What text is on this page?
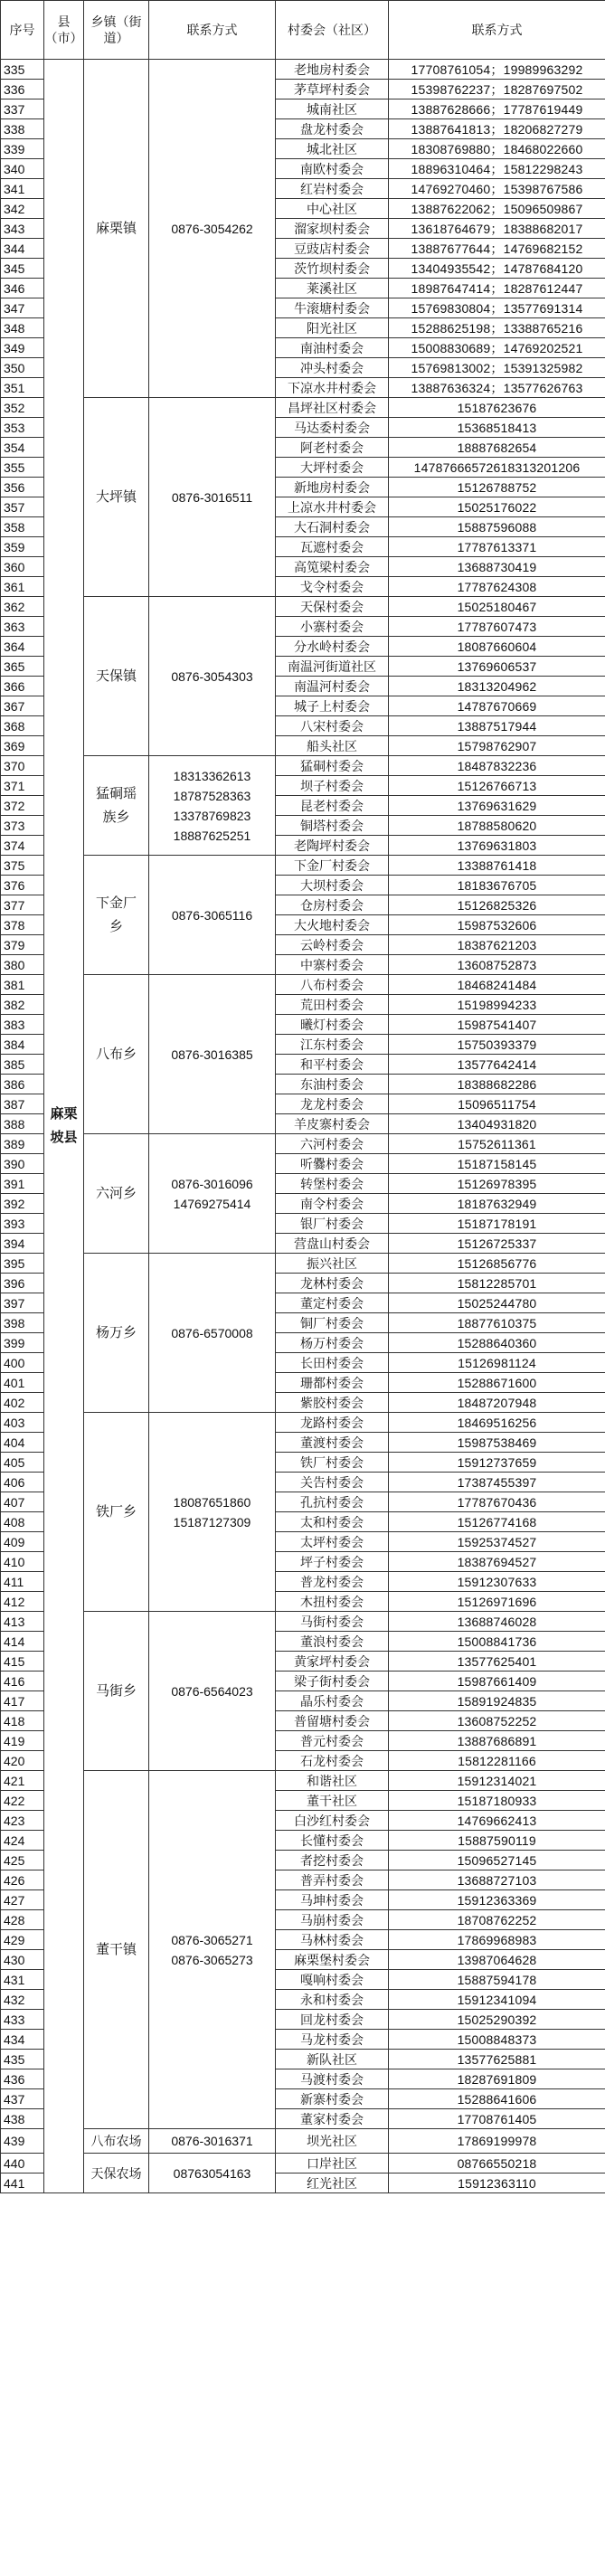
序号	县（市）	乡镇（街道）	联系方式	村委会（社区）	联系方式
335	麻栗坡县	麻栗镇	0876-3054262	老地房村委会	17708761054；19989963292
336				茅草坪村委会	15398762237；18287697502
337				城南社区	13887628666；17787619449
338				盘龙村委会	13887641813；18206827279
339				城北社区	18308769880；18468022660
340				南欧村委会	18896310464；15812298243
341				红岩村委会	14769270460；15398767586
342				中心社区	13887622062；15096509867
343				溜家坝村委会	13618764679；18388682017
344				豆豉店村委会	13887677644；14769682152
345				茨竹坝村委会	13404935542；14787684120
346				莱溪社区	18987647414；18287612447
347				牛滚塘村委会	15769830804；13577691314
348				阳光社区	15288625198；13388765216
349				南油村委会	15008830689；14769202521
350				冲头村委会	15769813002；15391325982
351				下凉水井村委会	13887636324；13577626763
352		大坪镇	0876-3016511	昌坪社区村委会	15187623676
353				马达委村委会	15368518413
354				阿老村委会	18887682654
355				大坪村委会	14787666572618313201206
356				新地房村委会	15126788752
357				上凉水井村委会	15025176022
358				大石洞村委会	15887596088
359				瓦遮村委会	17787613371
360				高笕梁村委会	13688730419
361				戈令村委会	17787624308
362		天保镇	0876-3054303	天保村委会	15025180467
363				小寨村委会	17787607473
364				分水岭村委会	18087660604
365				南温河街道社区	13769606537
366				南温河村委会	18313204962
367				城子上村委会	14787670669
368				八宋村委会	13887517944
369				船头社区	15798762907
370		猛硐瑶族乡	18313362613
18787528363
13378769823
18887625251	猛硐村委会	18487832236
371				坝子村委会	15126766713
372				昆老村委会	13769631629
373				铜塔村委会	18788580620
374				老陶坪村委会	13769631803
375		下金厂乡	0876-3065116	下金厂村委会	13388761418
376				大坝村委会	18183676705
377				仓房村委会	15126825326
378				大火地村委会	15987532606
379				云岭村委会	18387621203
380				中寨村委会	13608752873
381		八布乡	0876-3016385	八布村委会	18468241484
382				荒田村委会	15198994233
383				曦灯村委会	15987541407
384				江东村委会	15750393379
385				和平村委会	13577642414
386				东油村委会	18388682286
387				龙龙村委会	15096511754
388				羊皮寨村委会	13404931820
389		六河乡	0876-3016096
14769275414	六河村委会	15752611361
390				听爨村委会	15187158145
391				转堡村委会	15126978395
392				南令村委会	18187632949
393				银厂村委会	15187178191
394				营盘山村委会	15126725337
395		杨万乡	0876-6570008	振兴社区	15126856776
396				龙林村委会	15812285701
397				董定村委会	15025244780
398				铜厂村委会	18877610375
399				杨万村委会	15288640360
400				长田村委会	15126981124
401				珊都村委会	15288671600
402				紫胶村委会	18487207948
403		铁厂乡	18087651860
15187127309	龙路村委会	18469516256
404				董渡村委会	15987538469
405				铁厂村委会	15912737659
406				关告村委会	17387455397
407				孔抗村委会	17787670436
408				太和村委会	15126774168
409				太坪村委会	15925374527
410				坪子村委会	18387694527
411				普龙村委会	15912307633
412				木扭村委会	15126971696
413		马街乡	0876-6564023	马街村委会	13688746028
414				董浪村委会	15008841736
415				黄家坪村委会	13577625401
416				梁子街村委会	15987661409
417				晶乐村委会	15891924835
418				普留塘村委会	13608752252
419				普元村委会	13887686891
420				石龙村委会	15812281166
421		董干镇	0876-3065271
0876-3065273	和谐社区	15912314021
422				董干社区	15187180933
423				白沙红村委会	14769662413
424				长懂村委会	15887590119
425				者挖村委会	15096527145
426				普弄村委会	13688727103
427				马坤村委会	15912363369
428				马崩村委会	18708762252
429				马林村委会	17869968983
430				麻栗堡村委会	13987064628
431				嘎响村委会	15887594178
432				永和村委会	15912341094
433				回龙村委会	15025290392
434				马龙村委会	15008848373
435				新队社区	13577625881
436				马渡村委会	18287691809
437				新寨村委会	15288641606
438				董家村委会	17708761405
439		八布农场	0876-3016371	坝光社区	17869199978
440		天保农场	08763054163	口岸社区	08766550218
441				红光社区	15912363110
